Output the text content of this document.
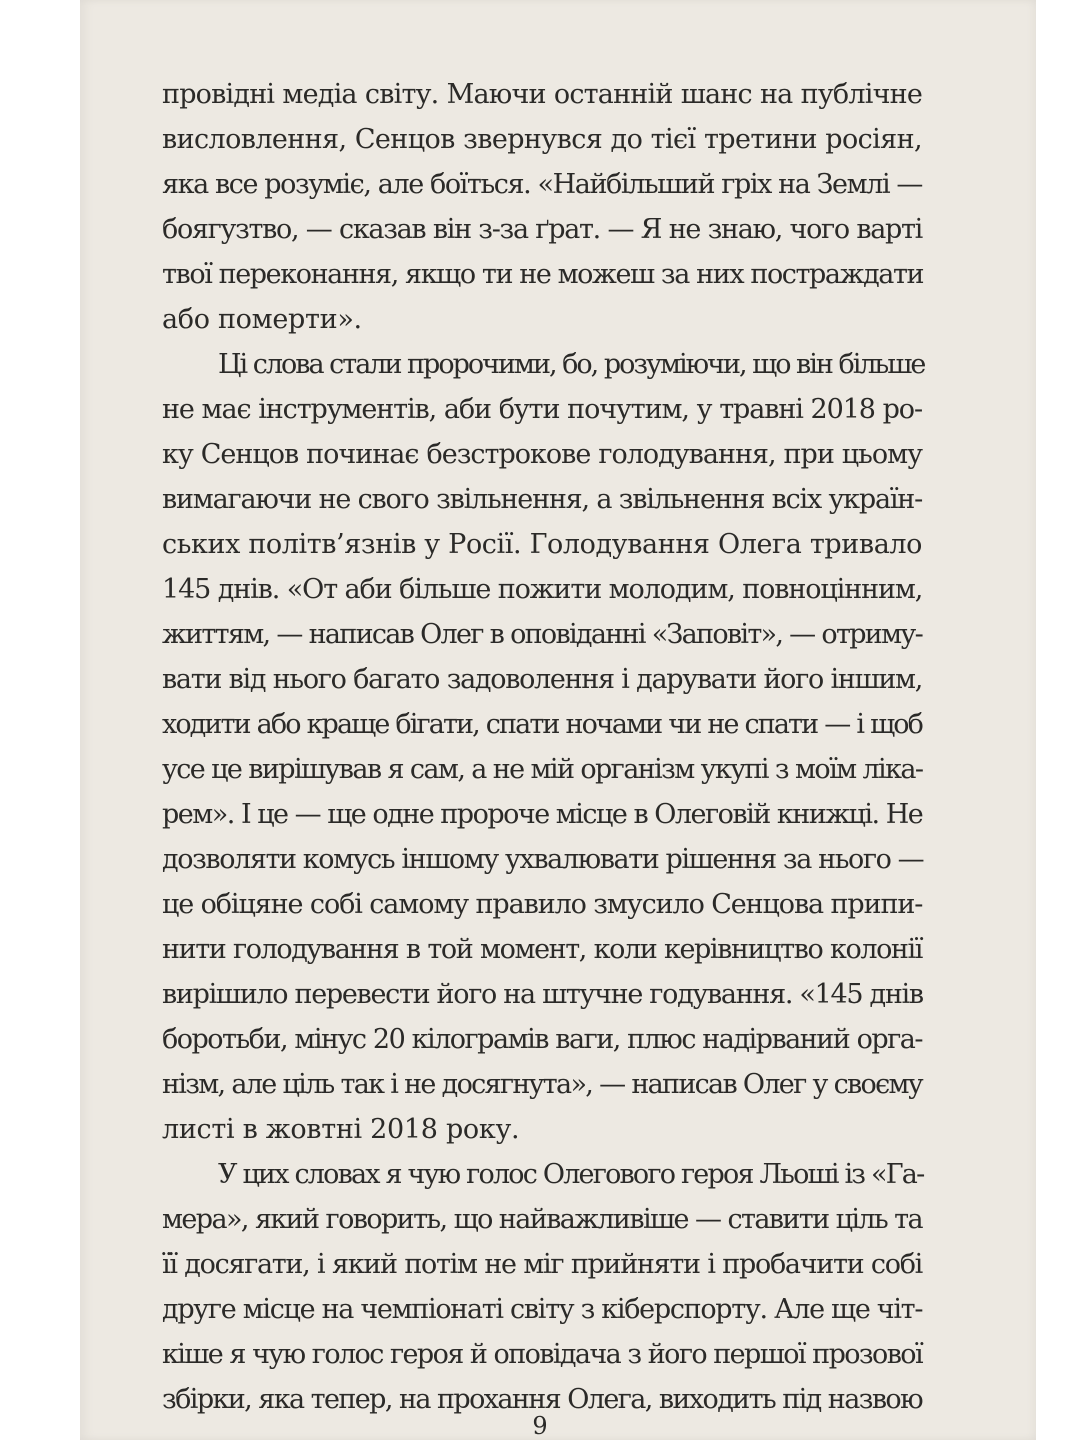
провідні медіа світу. Маючи останній шанс на публічне
висловлення, Сенцов звернувся до тієї третини росіян,
яка все розуміє, але боїться. «Найбільший гріх на Землі —
боягузтво, — сказав він з-за ґрат. — Я не знаю, чого варті
твої переконання, якщо ти не можеш за них постраждати
або померти».
Ці слова стали пророчими, бо, розуміючи, що він більше
не має інструментів, аби бути почутим, у травні 2018 ро-
ку Сенцов починає безстрокове голодування, при цьому
вимагаючи не свого звільнення, а звільнення всіх україн-
ських політв’язнів у Росії. Голодування Олега тривало
145 днів. «От аби більше пожити молодим, повноцінним,
життям, — написав Олег в оповіданні «Заповіт», — отриму-
вати від нього багато задоволення і дарувати його іншим,
ходити або краще бігати, спати ночами чи не спати — і щоб
усе це вирішував я сам, а не мій організм укупі з моїм ліка-
рем». І це — ще одне пророче місце в Олеговій книжці. Не
дозволяти комусь іншому ухвалювати рішення за нього —
це обіцяне собі самому правило змусило Сенцова припи-
нити голодування в той момент, коли керівництво колонії
вирішило перевести його на штучне годування. «145 днів
боротьби, мінус 20 кілограмів ваги, плюс надірваний орга-
нізм, але ціль так і не досягнута», — написав Олег у своєму
листі в жовтні 2018 року.
У цих словах я чую голос Олегового героя Льоші із «Га-
мера», який говорить, що найважливіше — ставити ціль та
її досягати, і який потім не міг прийняти і пробачити собі
друге місце на чемпіонаті світу з кіберспорту. Але ще чіт-
кіше я чую голос героя й оповідача з його першої прозової
збірки, яка тепер, на прохання Олега, виходить під назвою
9
